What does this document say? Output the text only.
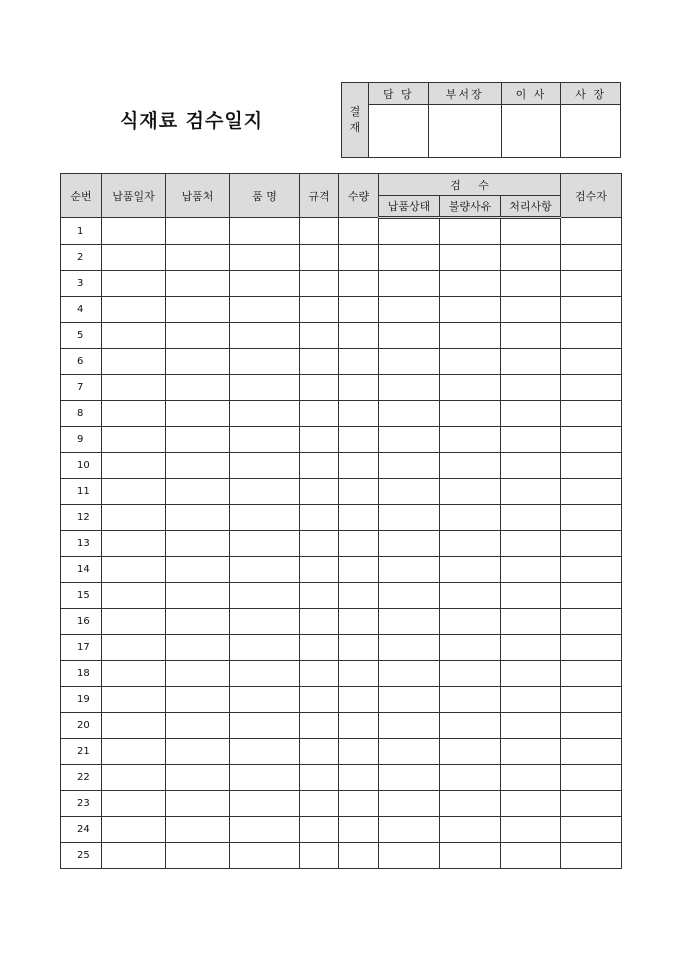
식재료 검수일지	결
재	담 당	부서장	이 사	사 장

순번	납품일자	납품처	품 명	규격	수량	검     수			검수자
						납품상태	불량사유	처리사항	
1									
2									
3									
4									
5									
6									
7									
8									
9									
10									
11									
12									
13									
14									
15									
16									
17									
18									
19									
20									
21									
22									
23									
24									
25									
